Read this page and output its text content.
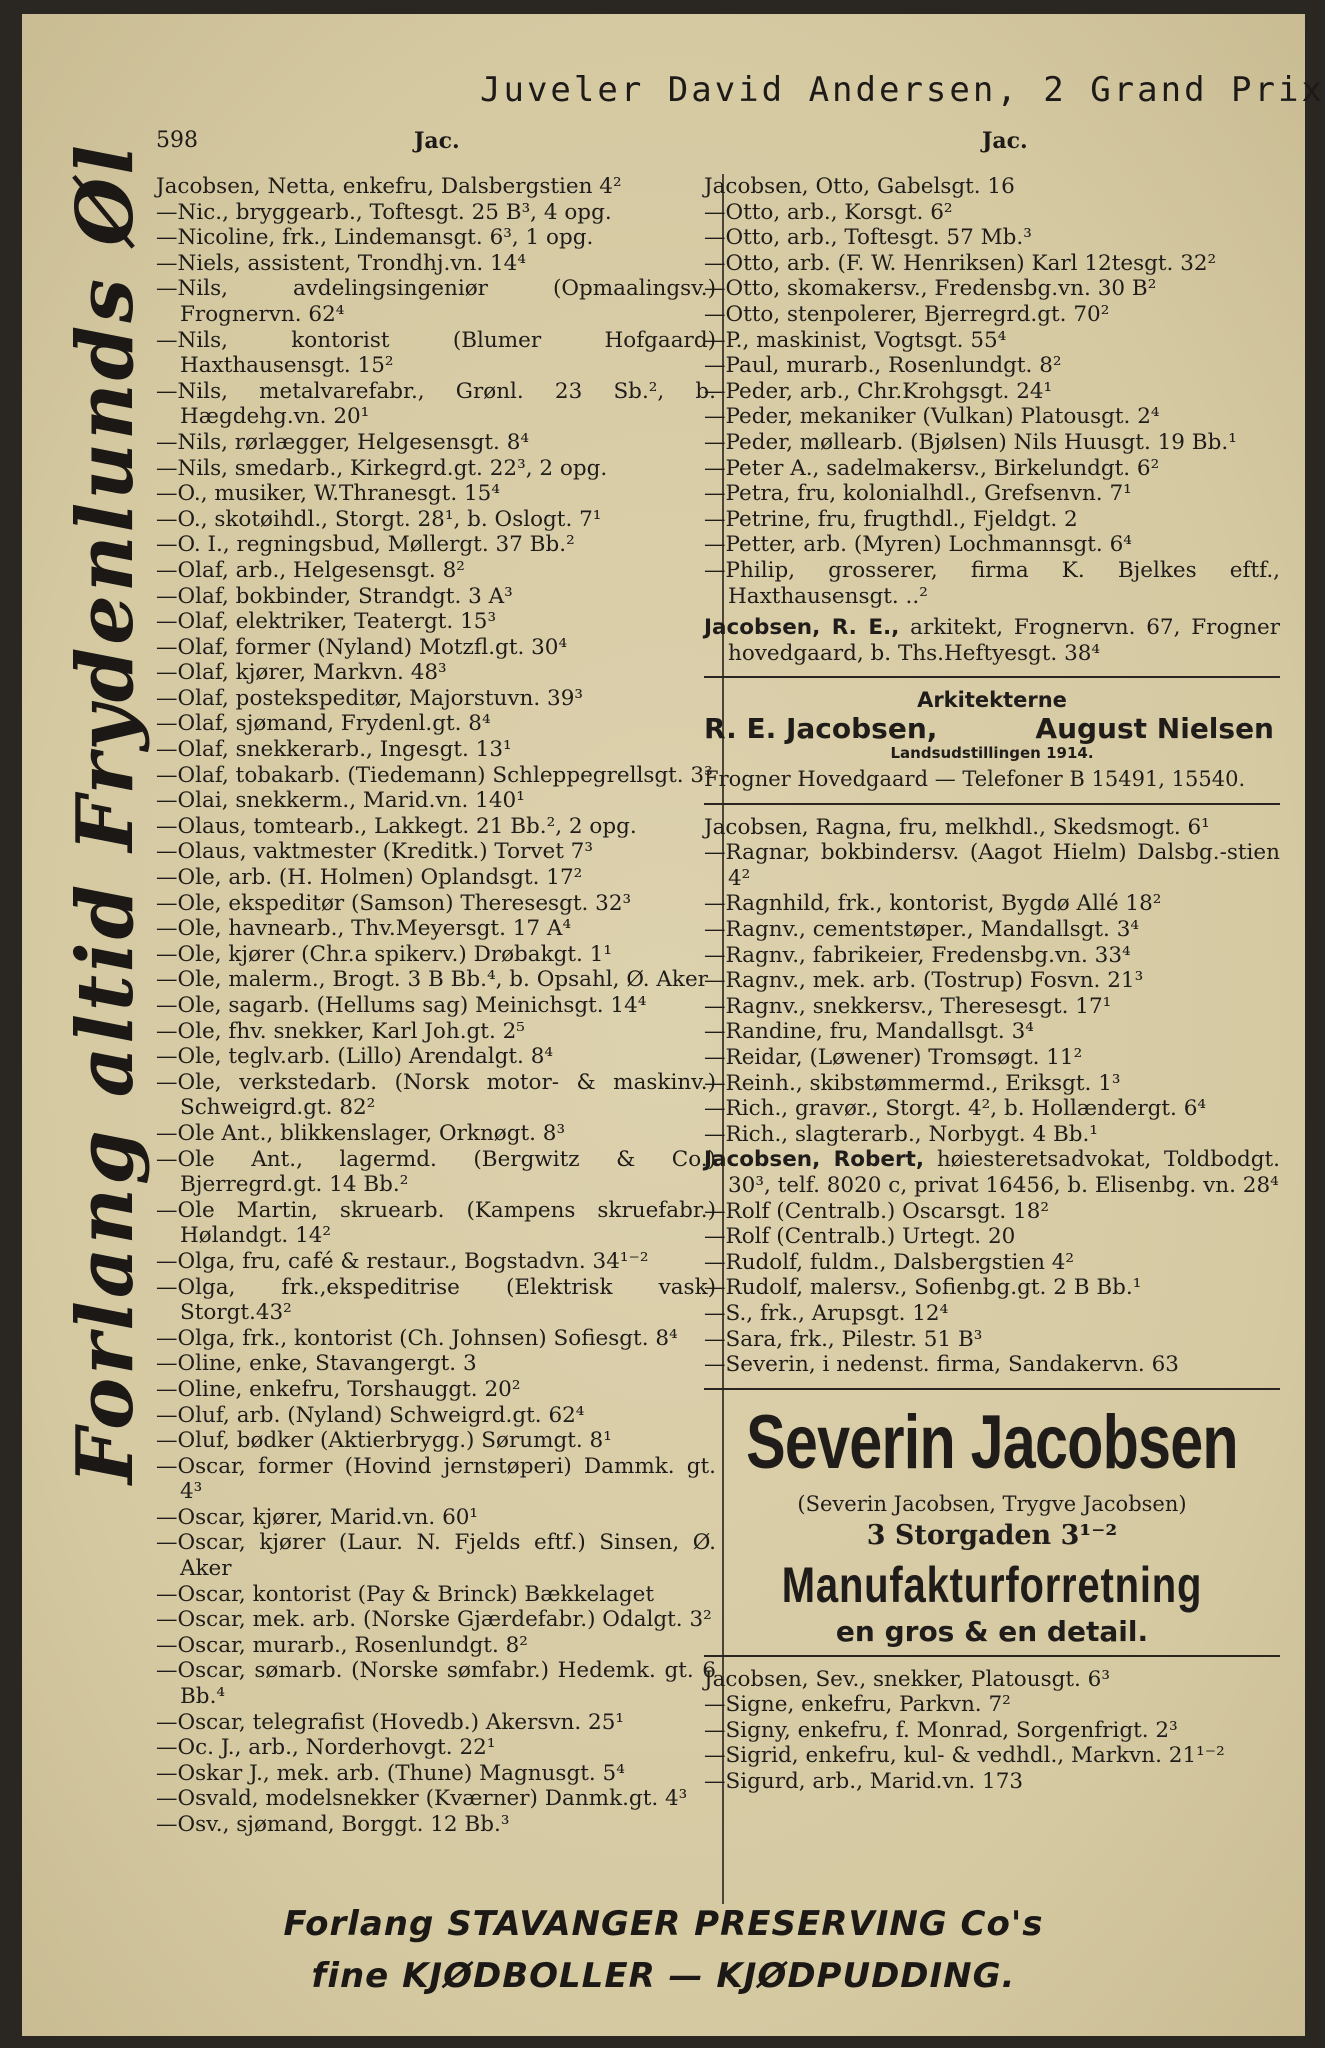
Juveler David Andersen, 2 Grand Prix
598	Jac.	Jac.
Forlang altid Frydenlunds Øl Jacobsen, Netta, enkefru, Dalsbergstien 4²

—Nic., bryggearb., Toftesgt. 25 B³, 4 opg.

—Nicoline, frk., Lindemansgt. 6³, 1 opg.

—Niels, assistent, Trondhj.vn. 14⁴

—Nils, avdelingsingeniør (Opmaalingsv.) Frognervn. 62⁴

—Nils, kontorist (Blumer Hofgaard) Haxthausensgt. 15²

—Nils, metalvarefabr., Grønl. 23 Sb.², b. Hægdehg.vn. 20¹

—Nils, rørlægger, Helgesensgt. 8⁴

—Nils, smedarb., Kirkegrd.gt. 22³, 2 opg.

—O., musiker, W.Thranesgt. 15⁴

—O., skotøihdl., Storgt. 28¹, b. Oslogt. 7¹

—O. I., regningsbud, Møllergt. 37 Bb.²

—Olaf, arb., Helgesensgt. 8²

—Olaf, bokbinder, Strandgt. 3 A³

—Olaf, elektriker, Teatergt. 15³

—Olaf, former (Nyland) Motzfl.gt. 30⁴

—Olaf, kjører, Markvn. 48³

—Olaf, postekspeditør, Majorstuvn. 39³

—Olaf, sjømand, Frydenl.gt. 8⁴

—Olaf, snekkerarb., Ingesgt. 13¹

—Olaf, tobakarb. (Tiedemann) Schleppegrellsgt. 3³

—Olai, snekkerm., Marid.vn. 140¹

—Olaus, tomtearb., Lakkegt. 21 Bb.², 2 opg.

—Olaus, vaktmester (Kreditk.) Torvet 7³

—Ole, arb. (H. Holmen) Oplandsgt. 17²

—Ole, ekspeditør (Samson) Theresesgt. 32³

—Ole, havnearb., Thv.Meyersgt. 17 A⁴

—Ole, kjører (Chr.a spikerv.) Drøbakgt. 1¹

—Ole, malerm., Brogt. 3 B Bb.⁴, b. Opsahl, Ø. Aker

—Ole, sagarb. (Hellums sag) Meinichsgt. 14⁴

—Ole, fhv. snekker, Karl Joh.gt. 2⁵

—Ole, teglv.arb. (Lillo) Arendalgt. 8⁴

—Ole, verkstedarb. (Norsk motor- & maskinv.) Schweigrd.gt. 82²

—Ole Ant., blikkenslager, Orknøgt. 8³

—Ole Ant., lagermd. (Bergwitz & Co.) Bjerregrd.gt. 14 Bb.²

—Ole Martin, skruearb. (Kampens skruefabr.) Hølandgt. 14²

—Olga, fru, café & restaur., Bogstadvn. 34¹⁻²

—Olga, frk.,ekspeditrise (Elektrisk vask) Storgt.43²

—Olga, frk., kontorist (Ch. Johnsen) Sofiesgt. 8⁴

—Oline, enke, Stavangergt. 3

—Oline, enkefru, Torshauggt. 20²

—Oluf, arb. (Nyland) Schweigrd.gt. 62⁴

—Oluf, bødker (Aktierbrygg.) Sørumgt. 8¹

—Oscar, former (Hovind jernstøperi) Dammk. gt. 4³

—Oscar, kjører, Marid.vn. 60¹

—Oscar, kjører (Laur. N. Fjelds eftf.) Sinsen, Ø. Aker

—Oscar, kontorist (Pay & Brinck) Bækkelaget

—Oscar, mek. arb. (Norske Gjærdefabr.) Odalgt. 3²

—Oscar, murarb., Rosenlundgt. 8²

—Oscar, sømarb. (Norske sømfabr.) Hedemk. gt. 6 Bb.⁴

—Oscar, telegrafist (Hovedb.) Akersvn. 25¹

—Oc. J., arb., Norderhovgt. 22¹

—Oskar J., mek. arb. (Thune) Magnusgt. 5⁴

—Osvald, modelsnekker (Kværner) Danmk.gt. 4³

—Osv., sjømand, Borggt. 12 Bb.³

Jacobsen, Otto, Gabelsgt. 16

—Otto, arb., Korsgt. 6²

—Otto, arb., Toftesgt. 57 Mb.³

—Otto, arb. (F. W. Henriksen) Karl 12tesgt. 32²

—Otto, skomakersv., Fredensbg.vn. 30 B²

—Otto, stenpolerer, Bjerregrd.gt. 70²

—P., maskinist, Vogtsgt. 55⁴

—Paul, murarb., Rosenlundgt. 8²

—Peder, arb., Chr.Krohgsgt. 24¹

—Peder, mekaniker (Vulkan) Platousgt. 2⁴

—Peder, møllearb. (Bjølsen) Nils Huusgt. 19 Bb.¹

—Peter A., sadelmakersv., Birkelundgt. 6²

—Petra, fru, kolonialhdl., Grefsenvn. 7¹

—Petrine, fru, frugthdl., Fjeldgt. 2

—Petter, arb. (Myren) Lochmannsgt. 6⁴

—Philip, grosserer, firma K. Bjelkes eftf., Haxthausensgt. ..²

Jacobsen, R. E., arkitekt, Frognervn. 67, Frogner hovedgaard, b. Ths.Heftyesgt. 38⁴

Arkitekterne
R. E. Jacobsen,	August Nielsen
Landsudstillingen 1914.
Frogner Hovedgaard — Telefoner B 15491, 15540.

Jacobsen, Ragna, fru, melkhdl., Skedsmogt. 6¹

—Ragnar, bokbindersv. (Aagot Hielm) Dalsbg.-stien 4²

—Ragnhild, frk., kontorist, Bygdø Allé 18²

—Ragnv., cementstøper., Mandallsgt. 3⁴

—Ragnv., fabrikeier, Fredensbg.vn. 33⁴

—Ragnv., mek. arb. (Tostrup) Fosvn. 21³

—Ragnv., snekkersv., Theresesgt. 17¹

—Randine, fru, Mandallsgt. 3⁴

—Reidar, (Løwener) Tromsøgt. 11²

—Reinh., skibstømmermd., Eriksgt. 1³

—Rich., gravør., Storgt. 4², b. Hollændergt. 6⁴

—Rich., slagterarb., Norbygt. 4 Bb.¹

Jacobsen, Robert, høiesteretsadvokat, Toldbodgt. 30³, telf. 8020 c, privat 16456, b. Elisenbg. vn. 28⁴

—Rolf (Centralb.) Oscarsgt. 18²

—Rolf (Centralb.) Urtegt. 20

—Rudolf, fuldm., Dalsbergstien 4²

—Rudolf, malersv., Sofienbg.gt. 2 B Bb.¹

—S., frk., Arupsgt. 12⁴

—Sara, frk., Pilestr. 51 B³

—Severin, i nedenst. firma, Sandakervn. 63

Severin Jacobsen
(Severin Jacobsen, Trygve Jacobsen)
3 Storgaden 3¹⁻²
Manufakturforretning
en gros & en detail.

Jacobsen, Sev., snekker, Platousgt. 6³

—Signe, enkefru, Parkvn. 7²

—Signy, enkefru, f. Monrad, Sorgenfrigt. 2³

—Sigrid, enkefru, kul- & vedhdl., Markvn. 21¹⁻²

—Sigurd, arb., Marid.vn. 173

Forlang STAVANGER PRESERVING Co's
fine KJØDBOLLER — KJØDPUDDING.
